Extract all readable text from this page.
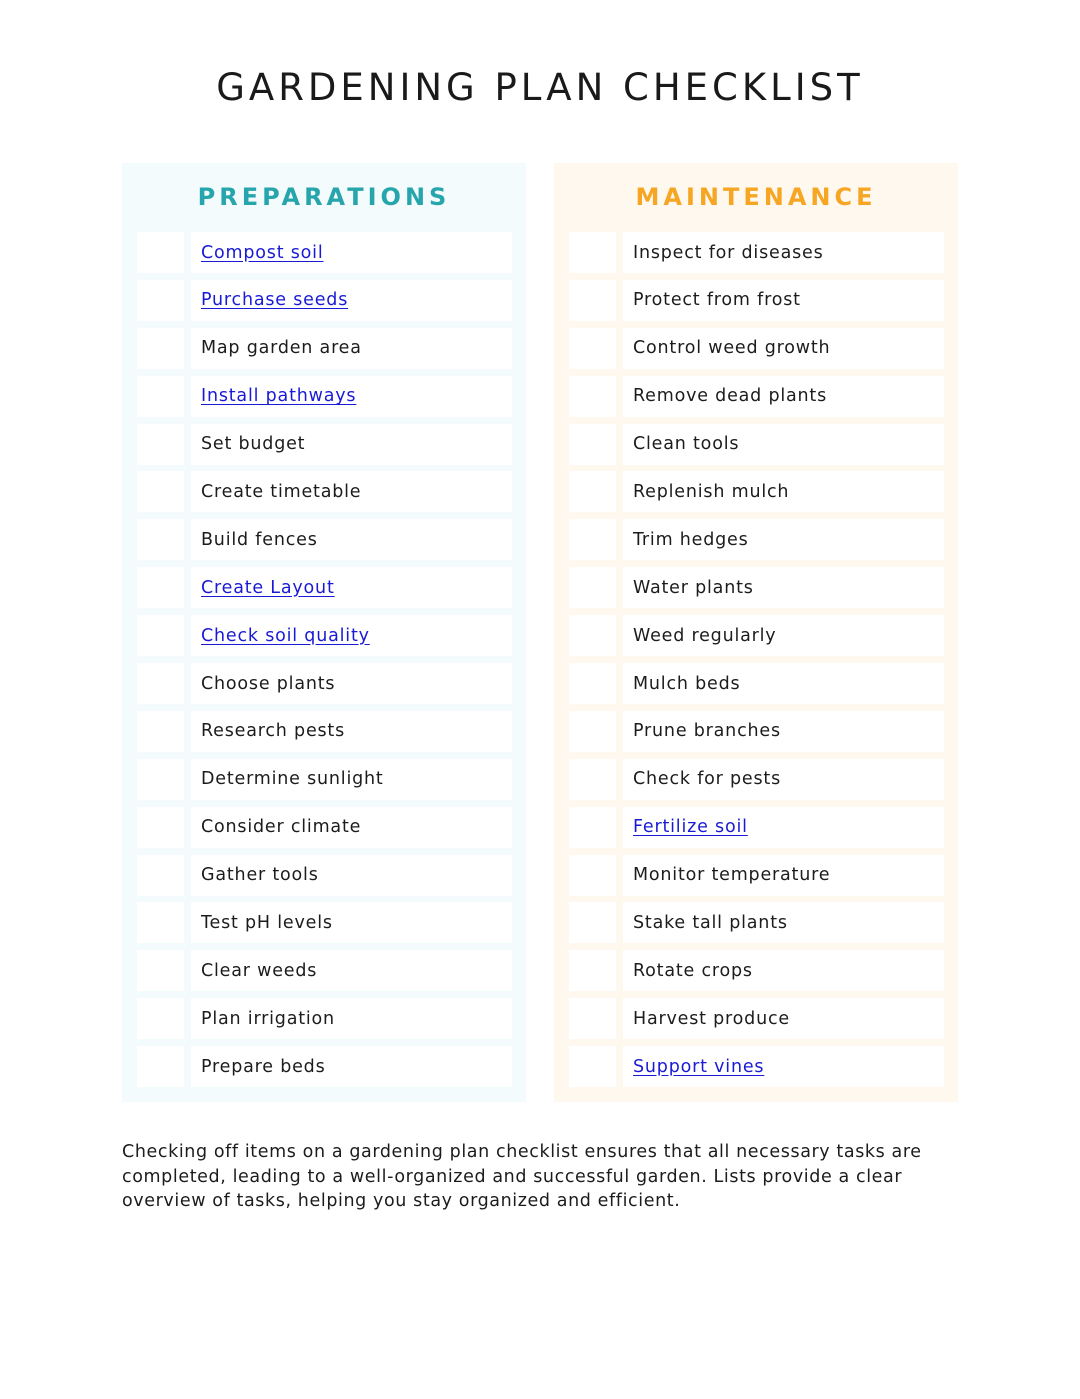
GARDENING PLAN CHECKLIST
PREPARATIONS
Compost soil
Purchase seeds
Map garden area
Install pathways
Set budget
Create timetable
Build fences
Create Layout
Check soil quality
Choose plants
Research pests
Determine sunlight
Consider climate
Gather tools
Test pH levels
Clear weeds
Plan irrigation
Prepare beds
MAINTENANCE
Inspect for diseases
Protect from frost
Control weed growth
Remove dead plants
Clean tools
Replenish mulch
Trim hedges
Water plants
Weed regularly
Mulch beds
Prune branches
Check for pests
Fertilize soil
Monitor temperature
Stake tall plants
Rotate crops
Harvest produce
Support vines

Checking off items on a gardening plan checklist ensures that all necessary tasks are completed, leading to a well-organized and successful garden. Lists provide a clear overview of tasks, helping you stay organized and efficient.
